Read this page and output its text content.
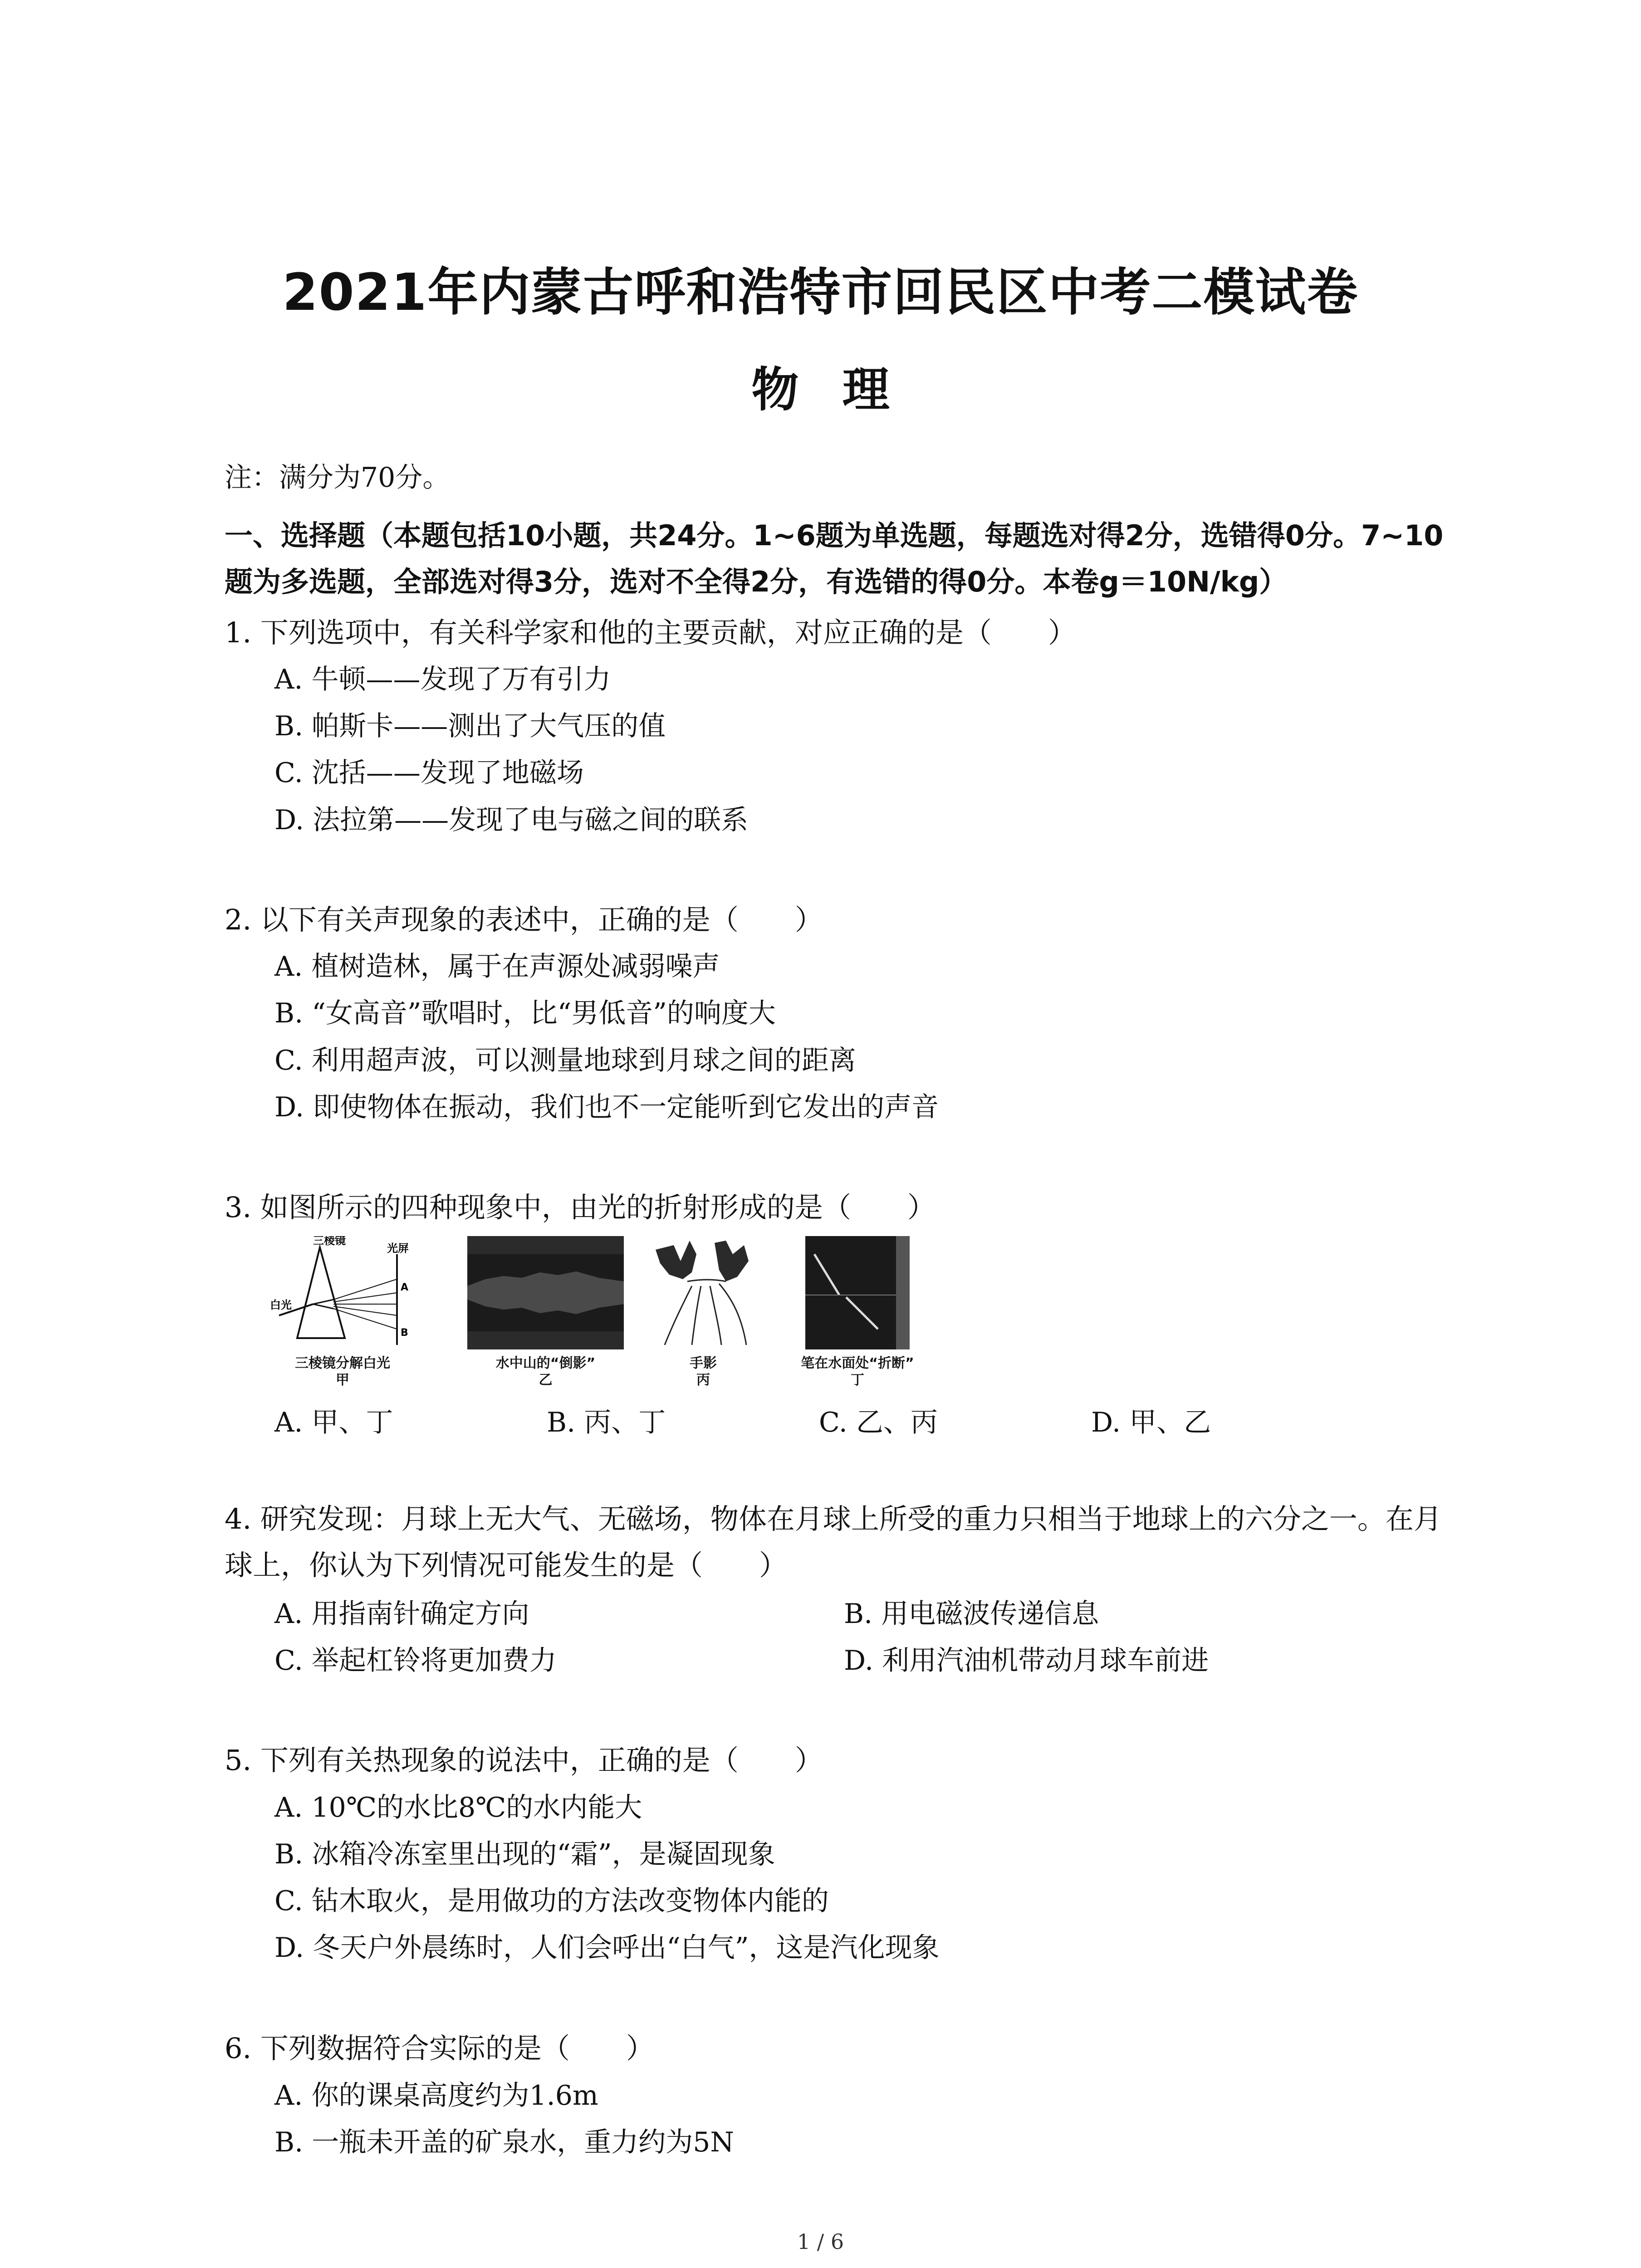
2021年内蒙古呼和浩特市回民区中考二模试卷
物 理
注：满分为70分。
一、选择题（本题包括10小题，共24分。1~6题为单选题，每题选对得2分，选错得0分。7~10题为多选题，全部选对得3分，选对不全得2分，有选错的得0分。本卷g＝10N/kg）
1. 下列选项中，有关科学家和他的主要贡献，对应正确的是（　　）
A. 牛顿——发现了万有引力
B. 帕斯卡——测出了大气压的值
C. 沈括——发现了地磁场
D. 法拉第——发现了电与磁之间的联系
2. 以下有关声现象的表述中，正确的是（　　）
A. 植树造林，属于在声源处减弱噪声
B. “女高音”歌唱时，比“男低音”的响度大
C. 利用超声波，可以测量地球到月球之间的距离
D. 即使物体在振动，我们也不一定能听到它发出的声音
3. 如图所示的四种现象中，由光的折射形成的是（　　）
三棱镜
光屏
白光
A
B
三棱镜分解白光
甲
水中山的“倒影”
乙
手影
丙
笔在水面处“折断”
丁
A. 甲、丁	B. 丙、丁	C. 乙、丙	D. 甲、乙
4. 研究发现：月球上无大气、无磁场，物体在月球上所受的重力只相当于地球上的六分之一。在月球上，你认为下列情况可能发生的是（　　）
A. 用指南针确定方向	B. 用电磁波传递信息
C. 举起杠铃将更加费力	D. 利用汽油机带动月球车前进
5. 下列有关热现象的说法中，正确的是（　　）
A. 10℃的水比8℃的水内能大
B. 冰箱冷冻室里出现的“霜”，是凝固现象
C. 钻木取火，是用做功的方法改变物体内能的
D. 冬天户外晨练时，人们会呼出“白气”，这是汽化现象
6. 下列数据符合实际的是（　　）
A. 你的课桌高度约为1.6m
B. 一瓶未开盖的矿泉水，重力约为5N
1 / 6
